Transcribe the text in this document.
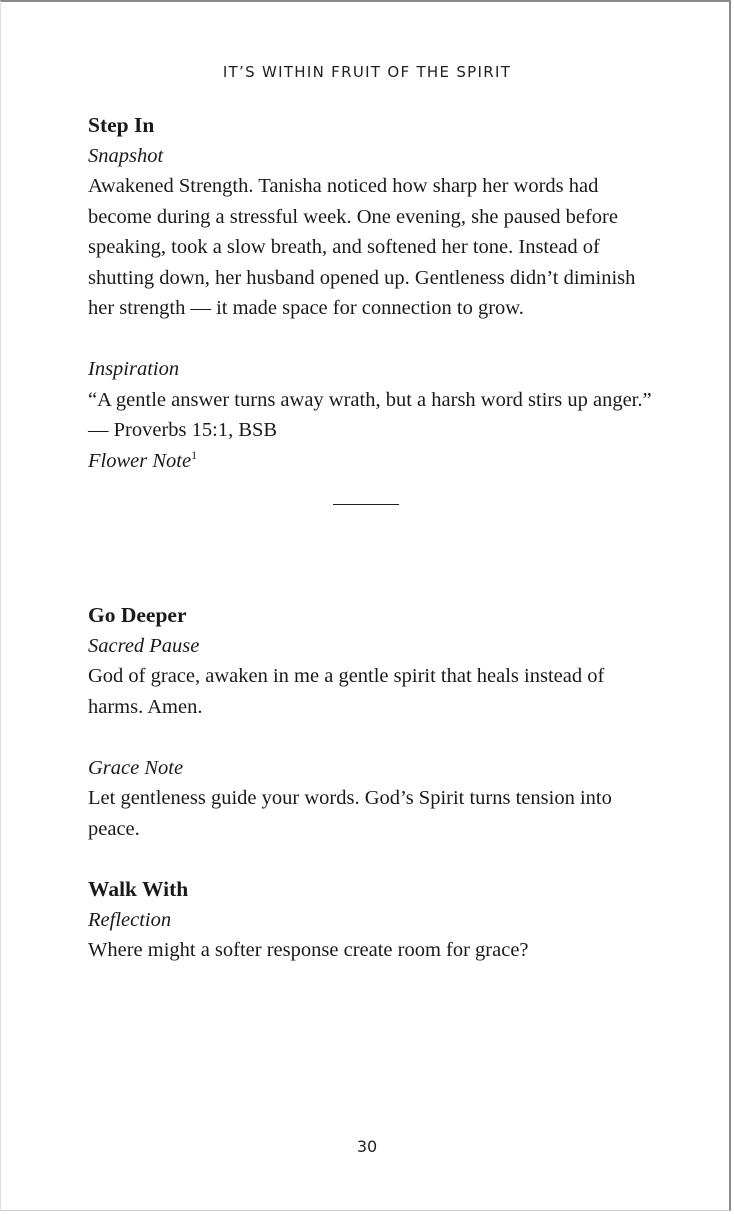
IT’S WITHIN FRUIT OF THE SPIRIT

Step In

Snapshot

Awakened Strength. Tanisha noticed how sharp her words had become during a stressful week. One evening, she paused before speaking, took a slow breath, and softened her tone. Instead of shutting down, her husband opened up. Gentleness didn’t diminish her strength — it made space for connection to grow.

Inspiration

“A gentle answer turns away wrath, but a harsh word stirs up anger.”

— Proverbs 15:1, BSB

Flower Note$^1$

Go Deeper

Sacred Pause

God of grace, awaken in me a gentle spirit that heals instead of harms. Amen.

Grace Note

Let gentleness guide your words. God’s Spirit turns tension into peace.

Walk With

Reflection

Where might a softer response create room for grace?

30
